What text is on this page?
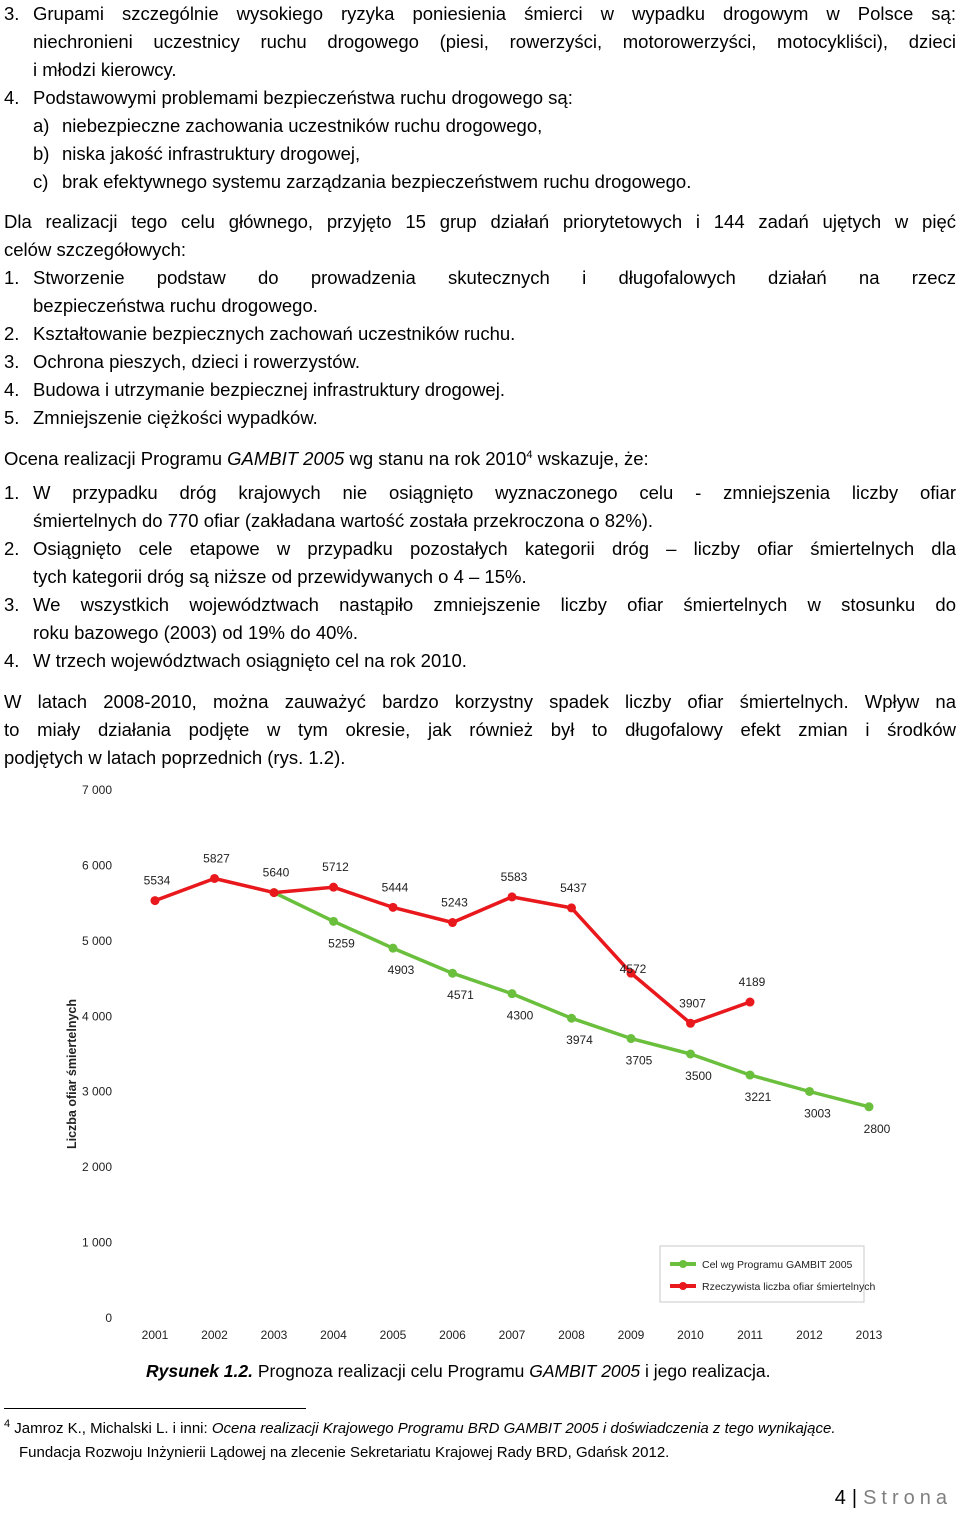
3. Grupami szczególnie wysokiego ryzyka poniesienia śmierci w wypadku drogowym w Polsce są:
niechronieni uczestnicy ruchu drogowego (piesi, rowerzyści, motorowerzyści, motocykliści), dzieci
i młodzi kierowcy.
4. Podstawowymi problemami bezpieczeństwa ruchu drogowego są:
a) niebezpieczne zachowania uczestników ruchu drogowego,
b) niska jakość infrastruktury drogowej,
c) brak efektywnego systemu zarządzania bezpieczeństwem ruchu drogowego.
Dla realizacji tego celu głównego, przyjęto 15 grup działań priorytetowych i 144 zadań ujętych w pięć
celów szczegółowych:
1. Stworzenie podstaw do prowadzenia skutecznych i długofalowych działań na rzecz
bezpieczeństwa ruchu drogowego.
2. Kształtowanie bezpiecznych zachowań uczestników ruchu.
3. Ochrona pieszych, dzieci i rowerzystów.
4. Budowa i utrzymanie bezpiecznej infrastruktury drogowej.
5. Zmniejszenie ciężkości wypadków.
Ocena realizacji Programu GAMBIT 2005 wg stanu na rok 2010$^4$ wskazuje, że:
1. W przypadku dróg krajowych nie osiągnięto wyznaczonego celu - zmniejszenia liczby ofiar
śmiertelnych do 770 ofiar (zakładana wartość została przekroczona o 82%).
2. Osiągnięto cele etapowe w przypadku pozostałych kategorii dróg – liczby ofiar śmiertelnych dla
tych kategorii dróg są niższe od przewidywanych o 4 – 15%.
3. We wszystkich województwach nastąpiło zmniejszenie liczby ofiar śmiertelnych w stosunku do
roku bazowego (2003) od 19% do 40%.
4. W trzech województwach osiągnięto cel na rok 2010.
W latach 2008-2010, można zauważyć bardzo korzystny spadek liczby ofiar śmiertelnych. Wpływ na
to miały działania podjęte w tym okresie, jak również był to długofalowy efekt zmian i środków
podjętych w latach poprzednich (rys. 1.2).
0
1 000
2 000
3 000
4 000
5 000
6 000
7 000
Liczba ofiar śmiertelnych
2001	2002	2003	2004	2005	2006	2007	2008	2009	2010	2011	2012	2013
5259
4903
4571
4300
3974
3705
3500
3221
3003
2800
5534
5827
5640	5712
5444
5243
5583
5437
4572
3907
4189
Cel wg Programu GAMBIT 2005
Rzeczywista liczba ofiar śmiertelnych
Rysunek 1.2. Prognoza realizacji celu Programu GAMBIT 2005 i jego realizacja.
$^4$ Jamroz K., Michalski L. i inni: Ocena realizacji Krajowego Programu BRD GAMBIT 2005 i doświadczenia z tego wynikające.
Fundacja Rozwoju Inżynierii Lądowej na zlecenie Sekretariatu Krajowej Rady BRD, Gdańsk 2012.
4 | Strona
